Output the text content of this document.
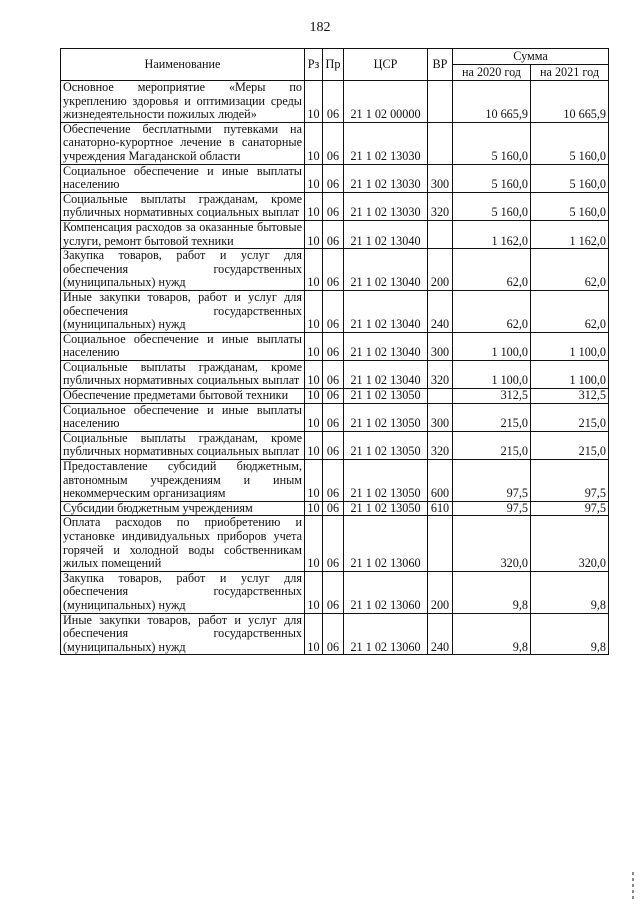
182
Наименование	Рз	Пр	ЦСР	ВР	Сумма	
					на 2020 год	на 2021 год
Основное мероприятие «Меры по укреплению здоровья и оптимизации среды жизнедеятельности пожилых людей»	10	06	21 1 02 00000		10 665,9	10 665,9
Обеспечение бесплатными путевками на санаторно-курортное лечение в санаторные учреждения Магаданской области	10	06	21 1 02 13030		5 160,0	5 160,0
Социальное обеспечение и иные выплаты населению	10	06	21 1 02 13030	300	5 160,0	5 160,0
Социальные выплаты гражданам, кроме публичных нормативных социальных выплат	10	06	21 1 02 13030	320	5 160,0	5 160,0
Компенсация расходов за оказанные бытовые услуги, ремонт бытовой техники	10	06	21 1 02 13040		1 162,0	1 162,0
Закупка товаров, работ и услуг для обеспечения государственных (муниципальных) нужд	10	06	21 1 02 13040	200	62,0	62,0
Иные закупки товаров, работ и услуг для обеспечения государственных (муниципальных) нужд	10	06	21 1 02 13040	240	62,0	62,0
Социальное обеспечение и иные выплаты населению	10	06	21 1 02 13040	300	1 100,0	1 100,0
Социальные выплаты гражданам, кроме публичных нормативных социальных выплат	10	06	21 1 02 13040	320	1 100,0	1 100,0
Обеспечение предметами бытовой техники	10	06	21 1 02 13050		312,5	312,5
Социальное обеспечение и иные выплаты населению	10	06	21 1 02 13050	300	215,0	215,0
Социальные выплаты гражданам, кроме публичных нормативных социальных выплат	10	06	21 1 02 13050	320	215,0	215,0
Предоставление субсидий бюджетным, автономным учреждениям и иным некоммерческим организациям	10	06	21 1 02 13050	600	97,5	97,5
Субсидии бюджетным учреждениям	10	06	21 1 02 13050	610	97,5	97,5
Оплата расходов по приобретению и установке индивидуальных приборов учета горячей и холодной воды собственникам жилых помещений	10	06	21 1 02 13060		320,0	320,0
Закупка товаров, работ и услуг для обеспечения государственных (муниципальных) нужд	10	06	21 1 02 13060	200	9,8	9,8
Иные закупки товаров, работ и услуг для обеспечения государственных (муниципальных) нужд	10	06	21 1 02 13060	240	9,8	9,8
